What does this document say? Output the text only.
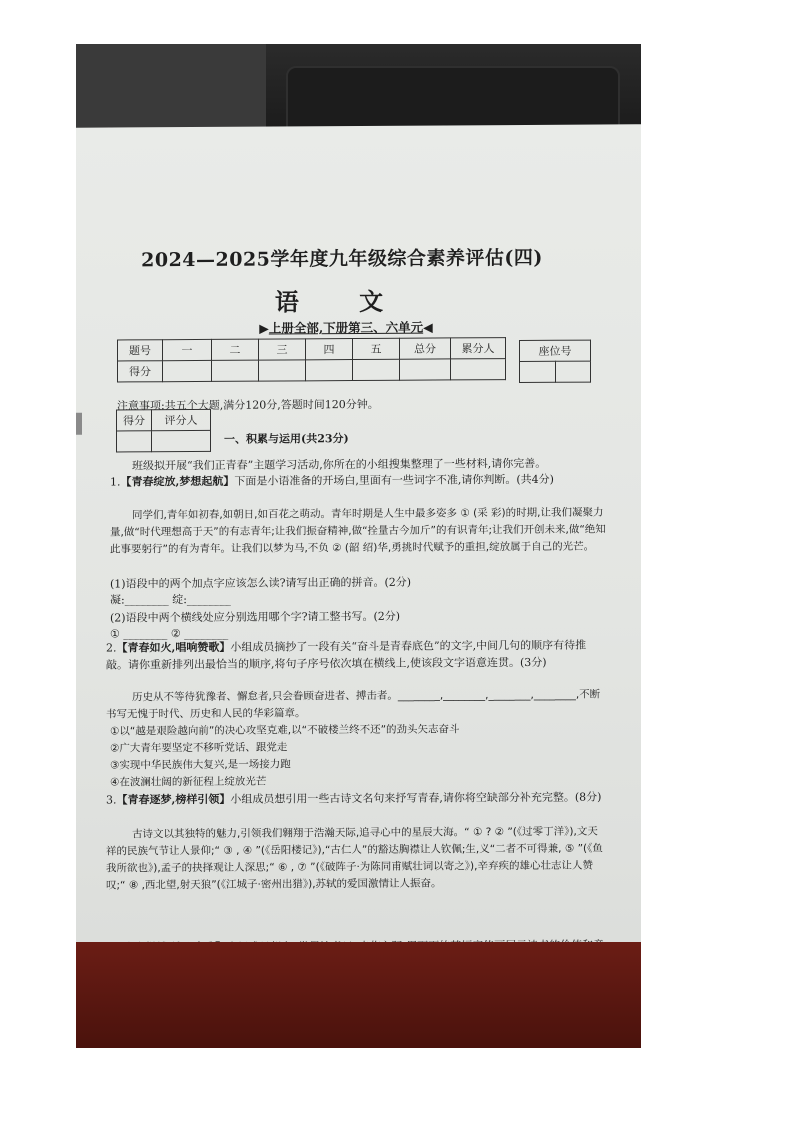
2024—2025学年度九年级综合素养评估(四)
语 文
▶上册全部,下册第三、六单元◀
题号	一	二	三	四	五	总分	累分人
得分							
座位号

注意事项:共五个大题,满分120分,答题时间120分钟。
得分	评分人

一、积累与运用(共23分)
班级拟开展“我们正青春”主题学习活动,你所在的小组搜集整理了一些材料,请你完善。
1.【青春绽放,梦想起航】下面是小语准备的开场白,里面有一些词字不准,请你判断。(共4分)
同学们,青年如初春,如朝日,如百花之萌动。青年时期是人生中最多姿多 ① (采 彩)的时期,让我们凝聚力量,做“时代理想高于天”的有志青年;让我们振奋精神,做“拴量古今加斤”的有识青年;让我们开创未来,做“绝知此事要躬行”的有为青年。让我们以梦为马,不负 ② (韶 绍)华,勇挑时代赋予的重担,绽放属于自己的光芒。
(1)语段中的两个加点字应该怎么读?请写出正确的拼音。(2分)
凝:________ 绽:________
(2)语段中两个横线处应分别选用哪个字?请工整书写。(2分)
① ________ ② ________
2.【青春如火,唱响赞歌】小组成员摘抄了一段有关“奋斗是青春底色”的文字,中间几句的顺序有待推敲。请你重新排列出最恰当的顺序,将句子序号依次填在横线上,使该段文字语意连贯。(3分)
历史从不等待犹豫者、懈怠者,只会眷顾奋进者、搏击者。________,________,________,________,不断书写无愧于时代、历史和人民的华彩篇章。
①以“越是艰险越向前”的决心攻坚克难,以“不破楼兰终不还”的劲头矢志奋斗
②广大青年要坚定不移听党话、跟党走
③实现中华民族伟大复兴,是一场接力跑
④在波澜壮阔的新征程上绽放光芒
3.【青春逐梦,榜样引领】小组成员想引用一些古诗文名句来抒写青春,请你将空缺部分补充完整。(8分)
古诗文以其独特的魅力,引领我们翱翔于浩瀚天际,追寻心中的星辰大海。“ ① ? ② ”(《过零丁洋》),文天祥的民族气节让人景仰;“ ③ , ④ ”(《岳阳楼记》),“古仁人”的豁达胸襟让人钦佩;生,义“二者不可得兼, ⑤ ”(《鱼我所欲也》),孟子的抉择观让人深思;“ ⑥ , ⑦ ”(《破阵子·为陈同甫赋壮词以寄之》),辛弃疾的雄心壮志让人赞叹;“ ⑧ ,西北望,射天狼”(《江城子·密州出猎》),苏轼的爱国激情让人振奋。
